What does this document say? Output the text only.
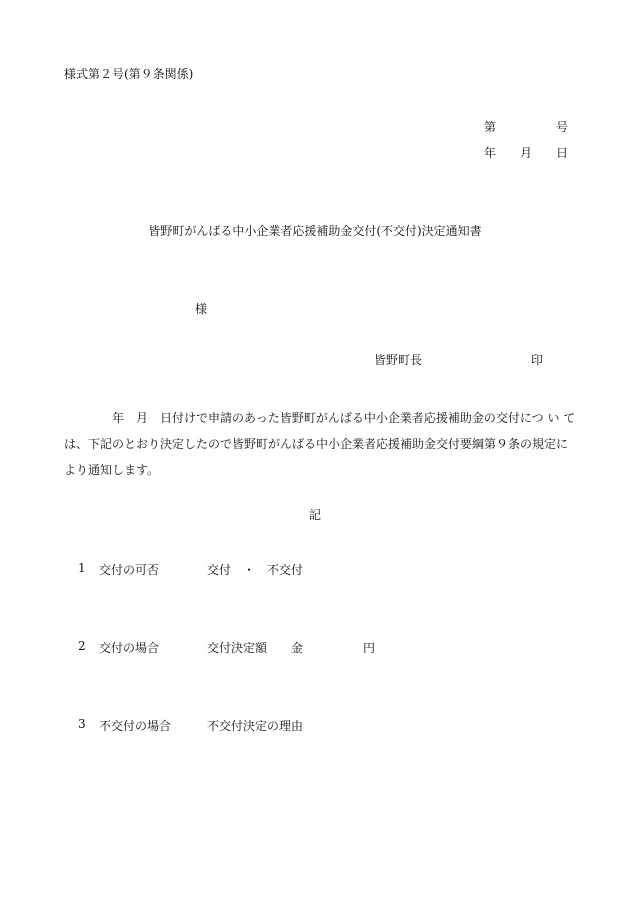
様式第２号(第９条関係)
第	号
年 月 日
皆野町がんばる中小企業者応援補助金交付(不交付)決定通知書
様
皆野町長	印
年　月　日付けで申請のあった皆野町がんばる中小企業者応援補助金の交付につ い て
は、下記のとおり決定したので皆野町がんばる中小企業者応援補助金交付要綱第９条の規定に
より通知します。
記
1 交付の可否	交付　・　不交付
2 交付の場合	交付決定額 金	円
3 不交付の場合	不交付決定の理由
